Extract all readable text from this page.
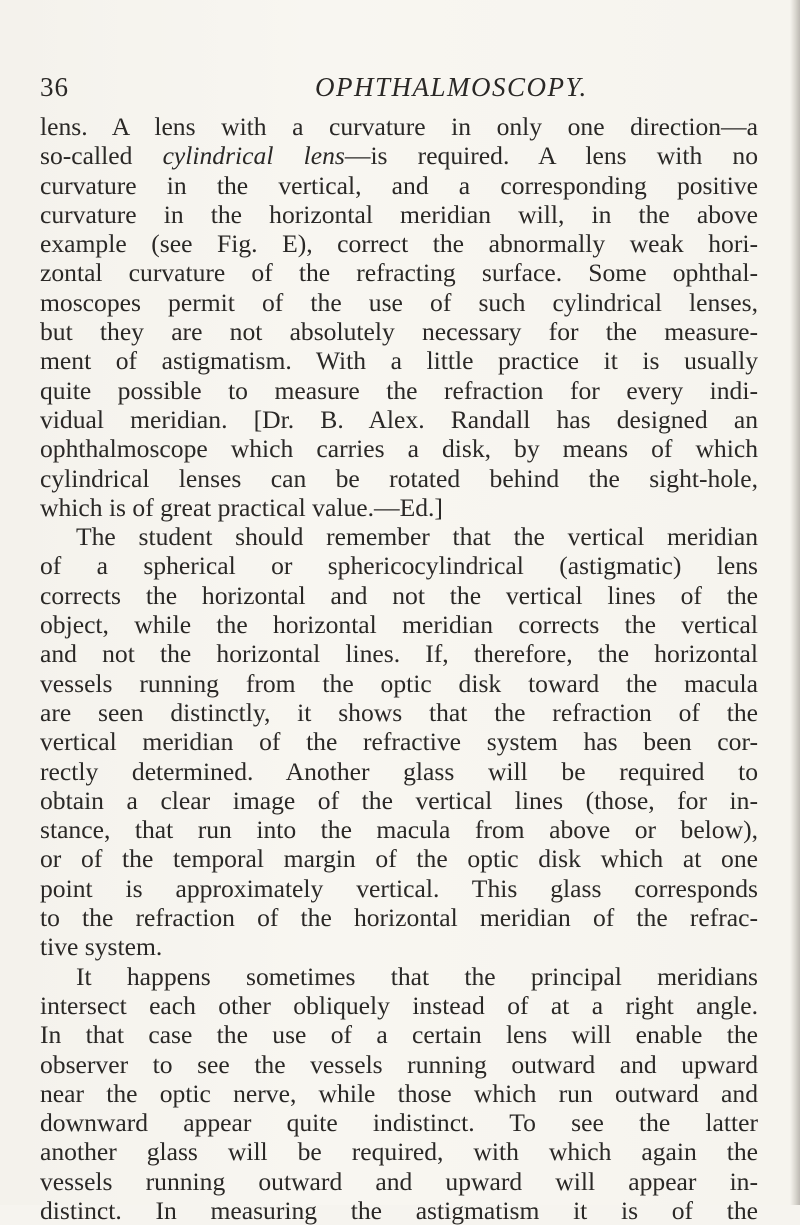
36	OPHTHALMOSCOPY.
lens. A lens with a curvature in only one direction—a
so-called cylindrical lens—is required. A lens with no
curvature in the vertical, and a corresponding positive
curvature in the horizontal meridian will, in the above
example (see Fig. E), correct the abnormally weak hori-
zontal curvature of the refracting surface. Some ophthal-
moscopes permit of the use of such cylindrical lenses,
but they are not absolutely necessary for the measure-
ment of astigmatism. With a little practice it is usually
quite possible to measure the refraction for every indi-
vidual meridian. [Dr. B. Alex. Randall has designed an
ophthalmoscope which carries a disk, by means of which
cylindrical lenses can be rotated behind the sight-hole,
which is of great practical value.—Ed.]
The student should remember that the vertical meridian
of a spherical or sphericocylindrical (astigmatic) lens
corrects the horizontal and not the vertical lines of the
object, while the horizontal meridian corrects the vertical
and not the horizontal lines. If, therefore, the horizontal
vessels running from the optic disk toward the macula
are seen distinctly, it shows that the refraction of the
vertical meridian of the refractive system has been cor-
rectly determined. Another glass will be required to
obtain a clear image of the vertical lines (those, for in-
stance, that run into the macula from above or below),
or of the temporal margin of the optic disk which at one
point is approximately vertical. This glass corresponds
to the refraction of the horizontal meridian of the refrac-
tive system.
It happens sometimes that the principal meridians
intersect each other obliquely instead of at a right angle.
In that case the use of a certain lens will enable the
observer to see the vessels running outward and upward
near the optic nerve, while those which run outward and
downward appear quite indistinct. To see the latter
another glass will be required, with which again the
vessels running outward and upward will appear in-
distinct. In measuring the astigmatism it is of the
